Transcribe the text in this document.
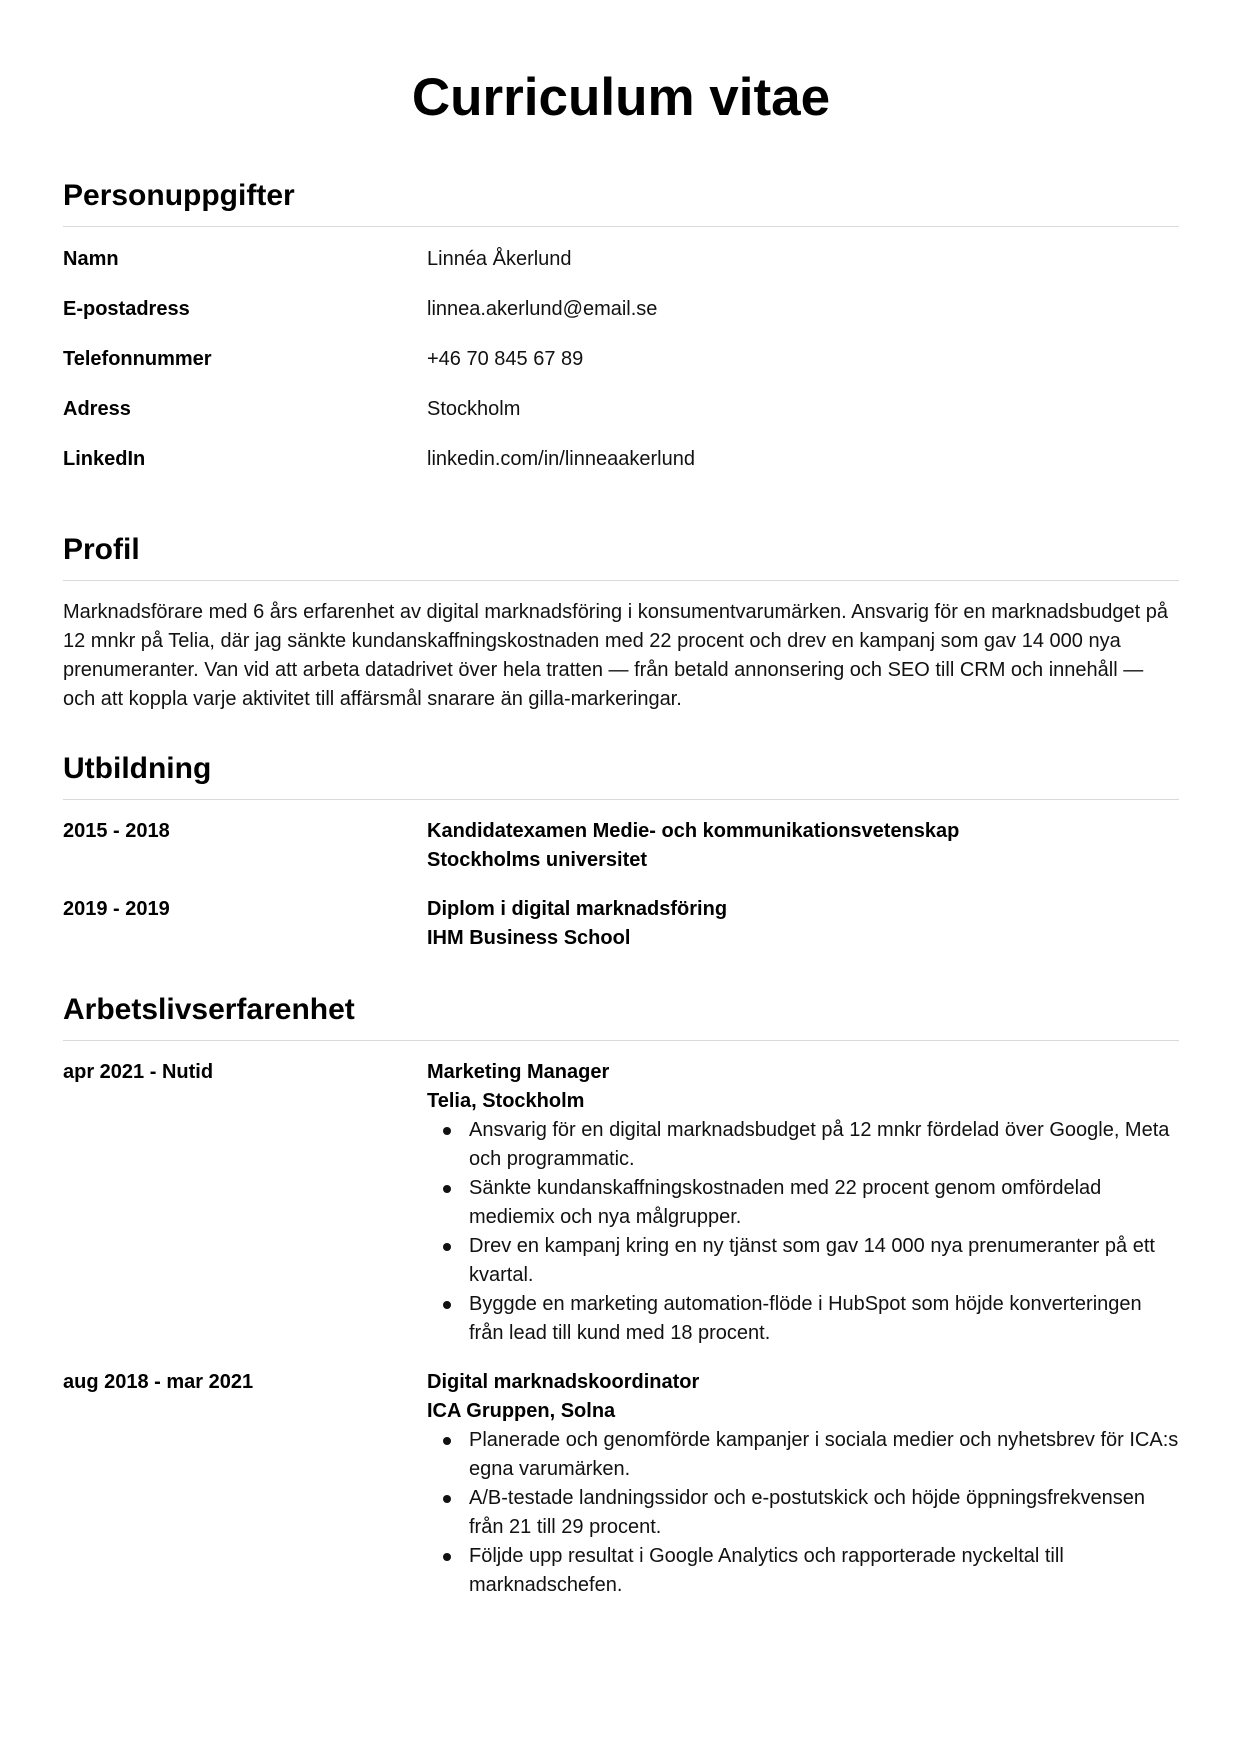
Curriculum vitae
Personuppgifter
Namn	Linnéa Åkerlund
E-postadress	linnea.akerlund@email.se
Telefonnummer	+46 70 845 67 89
Adress	Stockholm
LinkedIn	linkedin.com/in/linneaakerlund
Profil

Marknadsförare med 6 års erfarenhet av digital marknadsföring i konsumentvarumärken. Ansvarig för en marknadsbudget på 12 mnkr på Telia, där jag sänkte kundanskaffningskostnaden med 22 procent och drev en kampanj som gav 14 000 nya prenumeranter. Van vid att arbeta datadrivet över hela tratten — från betald annonsering och SEO till CRM och innehåll — och att koppla varje aktivitet till affärsmål snarare än gilla-markeringar.

Utbildning
2015 - 2018	Kandidatexamen Medie- och kommunikationsvetenskap
Stockholms universitet
2019 - 2019	Diplom i digital marknadsföring
IHM Business School
Arbetslivserfarenhet
apr 2021 - Nutid	Marketing Manager
Telia, Stockholm
Ansvarig för en digital marknadsbudget på 12 mnkr fördelad över Google, Meta och programmatic.
Sänkte kundanskaffningskostnaden med 22 procent genom omfördelad mediemix och nya målgrupper.
Drev en kampanj kring en ny tjänst som gav 14 000 nya prenumeranter på ett kvartal.
Byggde en marketing automation-flöde i HubSpot som höjde konverteringen från lead till kund med 18 procent.
aug 2018 - mar 2021	Digital marknadskoordinator
ICA Gruppen, Solna
Planerade och genomförde kampanjer i sociala medier och nyhetsbrev för ICA:s egna varumärken.
A/B-testade landningssidor och e-postutskick och höjde öppningsfrekvensen från 21 till 29 procent.
Följde upp resultat i Google Analytics och rapporterade nyckeltal till marknadschefen.
